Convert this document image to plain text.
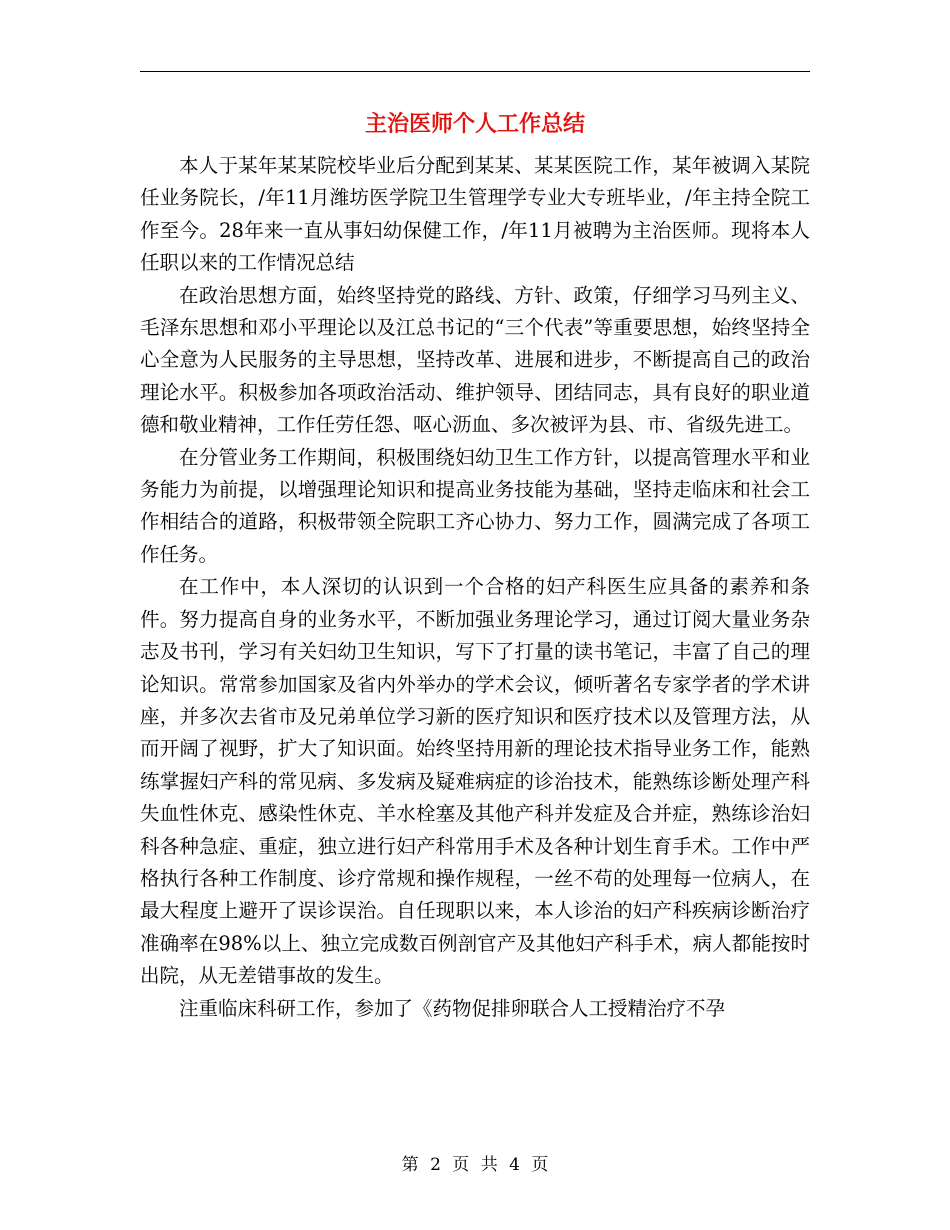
主治医师个人工作总结

本人于某年某某院校毕业后分配到某某、某某医院工作，某年被调入某院任业务院长，/年11月潍坊医学院卫生管理学专业大专班毕业，/年主持全院工作至今。28年来一直从事妇幼保健工作，/年11月被聘为主治医师。现将本人任职以来的工作情况总结

在政治思想方面，始终坚持党的路线、方针、政策，仔细学习马列主义、毛泽东思想和邓小平理论以及江总书记的“三个代表”等重要思想，始终坚持全心全意为人民服务的主导思想，坚持改革、进展和进步，不断提高自己的政治理论水平。积极参加各项政治活动、维护领导、团结同志，具有良好的职业道德和敬业精神，工作任劳任怨、呕心沥血、多次被评为县、市、省级先进工。

在分管业务工作期间，积极围绕妇幼卫生工作方针，以提高管理水平和业务能力为前提，以增强理论知识和提高业务技能为基础，坚持走临床和社会工作相结合的道路，积极带领全院职工齐心协力、努力工作，圆满完成了各项工作任务。

在工作中，本人深切的认识到一个合格的妇产科医生应具备的素养和条件。努力提高自身的业务水平，不断加强业务理论学习，通过订阅大量业务杂志及书刊，学习有关妇幼卫生知识，写下了打量的读书笔记，丰富了自己的理论知识。常常参加国家及省内外举办的学术会议，倾听著名专家学者的学术讲座，并多次去省市及兄弟单位学习新的医疗知识和医疗技术以及管理方法，从而开阔了视野，扩大了知识面。始终坚持用新的理论技术指导业务工作，能熟练掌握妇产科的常见病、多发病及疑难病症的诊治技术，能熟练诊断处理产科失血性休克、感染性休克、羊水栓塞及其他产科并发症及合并症，熟练诊治妇科各种急症、重症，独立进行妇产科常用手术及各种计划生育手术。工作中严格执行各种工作制度、诊疗常规和操作规程，一丝不苟的处理每一位病人，在最大程度上避开了误诊误治。自任现职以来，本人诊治的妇产科疾病诊断治疗准确率在98%以上、独立完成数百例剖官产及其他妇产科手术，病人都能按时出院，从无差错事故的发生。

注重临床科研工作，参加了《药物促排卵联合人工授精治疗不孕

第 2 页 共 4 页
